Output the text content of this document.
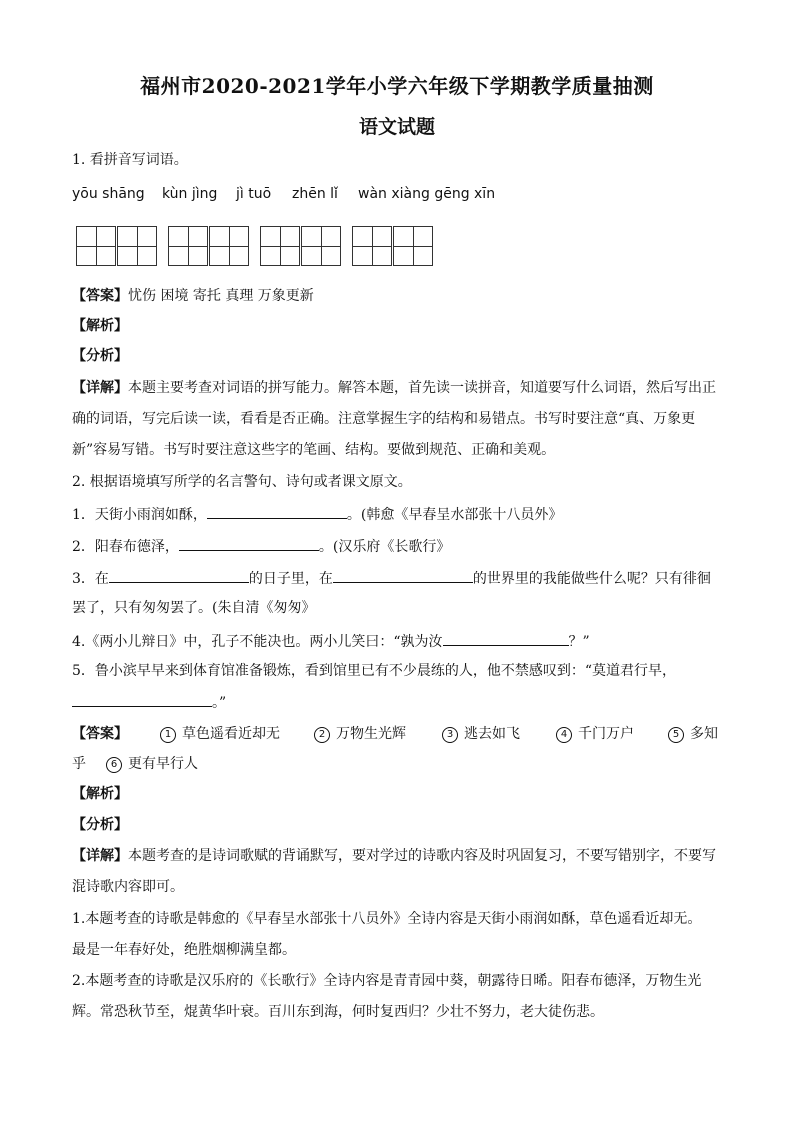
福州市2020-2021学年小学六年级下学期教学质量抽测
语文试题
1. 看拼音写词语。
yōu shāng kùn jìng jì tuō zhēn lǐ wàn xiàng gēng xīn
【答案】忧伤 困境 寄托 真理 万象更新
【解析】
【分析】
【详解】本题主要考查对词语的拼写能力。解答本题，首先读一读拼音，知道要写什么词语，然后写出正
确的词语，写完后读一读，看看是否正确。注意掌握生字的结构和易错点。书写时要注意“真、万象更
新”容易写错。书写时要注意这些字的笔画、结构。要做到规范、正确和美观。
2. 根据语境填写所学的名言警句、诗句或者课文原文。
1．天街小雨润如酥，	。(韩愈《早春呈水部张十八员外》
2．阳春布德泽，	。(汉乐府《长歌行》
3．在	的日子里，在	的世界里的我能做些什么呢？只有徘徊
罢了，只有匆匆罢了。(朱自清《匆匆》
4.《两小儿辩日》中，孔子不能决也。两小儿笑曰：“孰为汝	？”
5．鲁小滨早早来到体育馆准备锻炼，看到馆里已有不少晨练的人，他不禁感叹到：“莫道君行早，
。”
【答案】	1 草色遥看近却无	2 万物生光辉	3 逃去如飞	4 千门万户	5 多知
乎 6 更有早行人
【解析】
【分析】
【详解】本题考查的是诗词歌赋的背诵默写，要对学过的诗歌内容及时巩固复习，不要写错别字，不要写
混诗歌内容即可。
1.本题考查的诗歌是韩愈的《早春呈水部张十八员外》全诗内容是天街小雨润如酥，草色遥看近却无。
最是一年春好处，绝胜烟柳满皇都。
2.本题考查的诗歌是汉乐府的《长歌行》全诗内容是青青园中葵，朝露待日晞。阳春布德泽，万物生光
辉。常恐秋节至，焜黄华叶衰。百川东到海，何时复西归？少壮不努力，老大徒伤悲。
